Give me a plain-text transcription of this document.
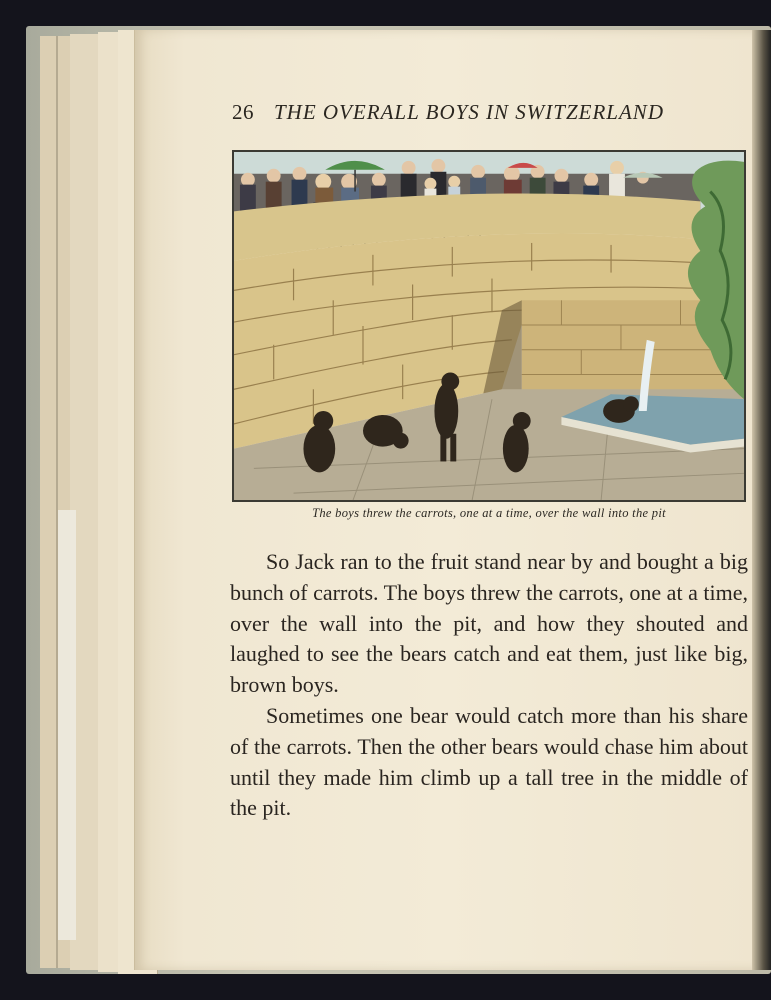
26 THE OVERALL BOYS IN SWITZERLAND
The boys threw the carrots, one at a time, over the wall into the pit

So Jack ran to the fruit stand near by and bought a big bunch of carrots. The boys threw the carrots, one at a time, over the wall into the pit, and how they shouted and laughed to see the bears catch and eat them, just like big, brown boys.

Sometimes one bear would catch more than his share of the carrots. Then the other bears would chase him about until they made him climb up a tall tree in the middle of the pit.
